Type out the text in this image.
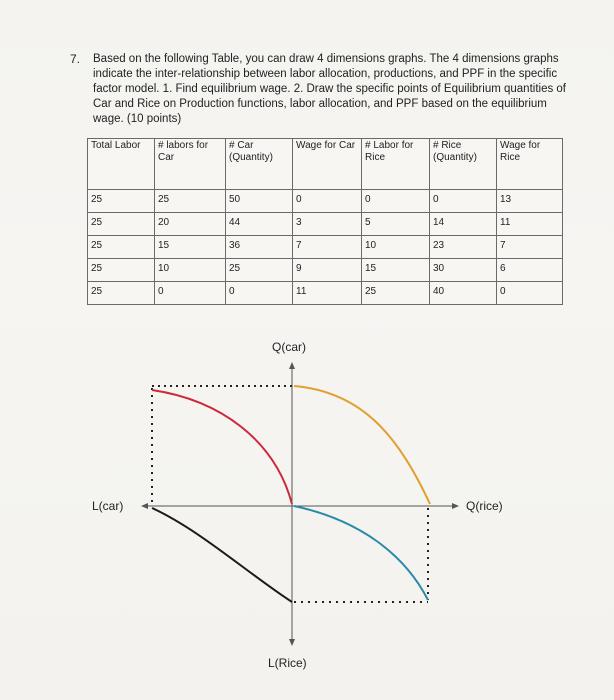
7. Based on the following Table, you can draw 4 dimensions graphs. The 4 dimensions graphs indicate the inter-relationship between labor allocation, productions, and PPF in the specific factor model. 1. Find equilibrium wage. 2. Draw the specific points of Equilibrium quantities of Car and Rice on Production functions, labor allocation, and PPF based on the equilibrium wage. (10 points)

Total Labor	# labors for Car	# Car (Quantity)	Wage for Car	# Labor for Rice	# Rice (Quantity)	Wage for Rice
25	25	50	0	0	0	13
25	20	44	3	5	14	11
25	15	36	7	10	23	7
25	10	25	9	15	30	6
25	0	0	11	25	40	0
Q(car)
L(Rice)
L(car)	Q(rice)
